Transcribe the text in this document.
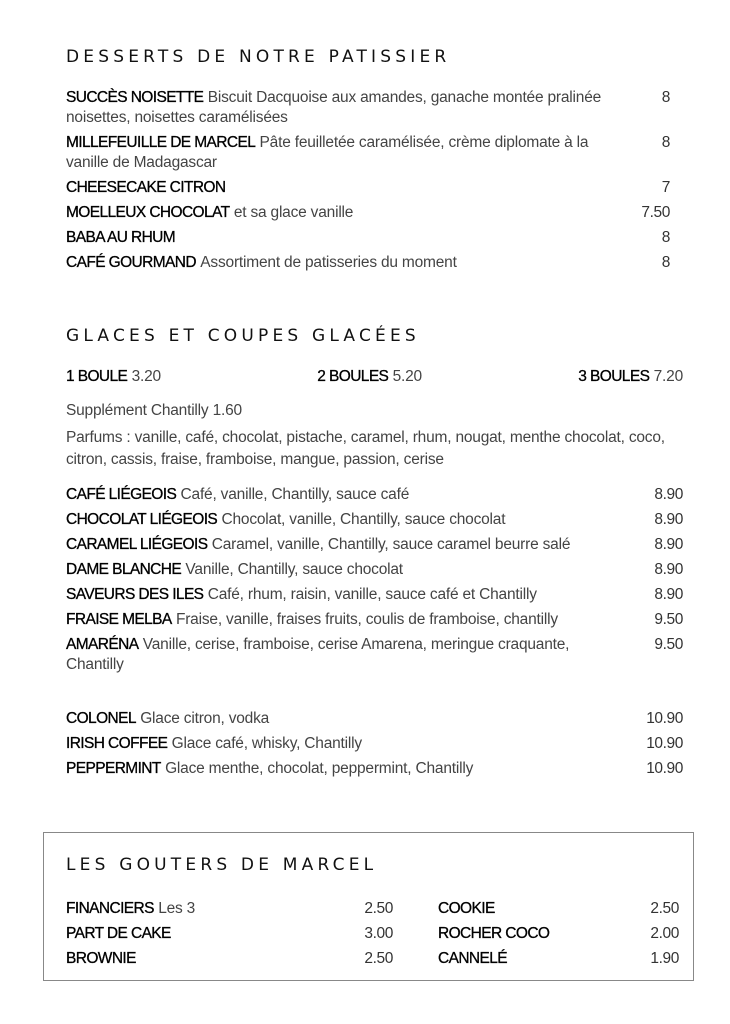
DESSERTS DE NOTRE PATISSIER
SUCCÈS NOISETTE Biscuit Dacquoise aux amandes, ganache montée pralinée noisettes, noisettes caramélisées
8
MILLEFEUILLE DE MARCEL Pâte feuilletée caramélisée, crème diplomate à la vanille de Madagascar
8
CHEESECAKE CITRON	7
MOELLEUX CHOCOLAT et sa glace vanille	7.50
BABA AU RHUM	8
CAFÉ GOURMAND Assortiment de patisseries du moment	8
GLACES ET COUPES GLACÉES
1 BOULE 3.20	2 BOULES 5.20	3 BOULES 7.20
Supplément Chantilly 1.60
Parfums : vanille, café, chocolat, pistache, caramel, rhum, nougat, menthe chocolat, coco, citron, cassis, fraise, framboise, mangue, passion, cerise
CAFÉ LIÉGEOIS Café, vanille, Chantilly, sauce café	8.90
CHOCOLAT LIÉGEOIS Chocolat, vanille, Chantilly, sauce chocolat	8.90
CARAMEL LIÉGEOIS Caramel, vanille, Chantilly, sauce caramel beurre salé	8.90
DAME BLANCHE Vanille, Chantilly, sauce chocolat	8.90
SAVEURS DES ILES Café, rhum, raisin, vanille, sauce café et Chantilly	8.90
FRAISE MELBA Fraise, vanille, fraises fruits, coulis de framboise, chantilly	9.50
AMARÉNA Vanille, cerise, framboise, cerise Amarena, meringue craquante, Chantilly
9.50
COLONEL Glace citron, vodka	10.90
IRISH COFFEE Glace café, whisky, Chantilly	10.90
PEPPERMINT Glace menthe, chocolat, peppermint, Chantilly	10.90
LES GOUTERS DE MARCEL
FINANCIERS Les 3	2.50
PART DE CAKE	3.00
BROWNIE	2.50
COOKIE	2.50
ROCHER COCO	2.00
CANNELÉ	1.90
